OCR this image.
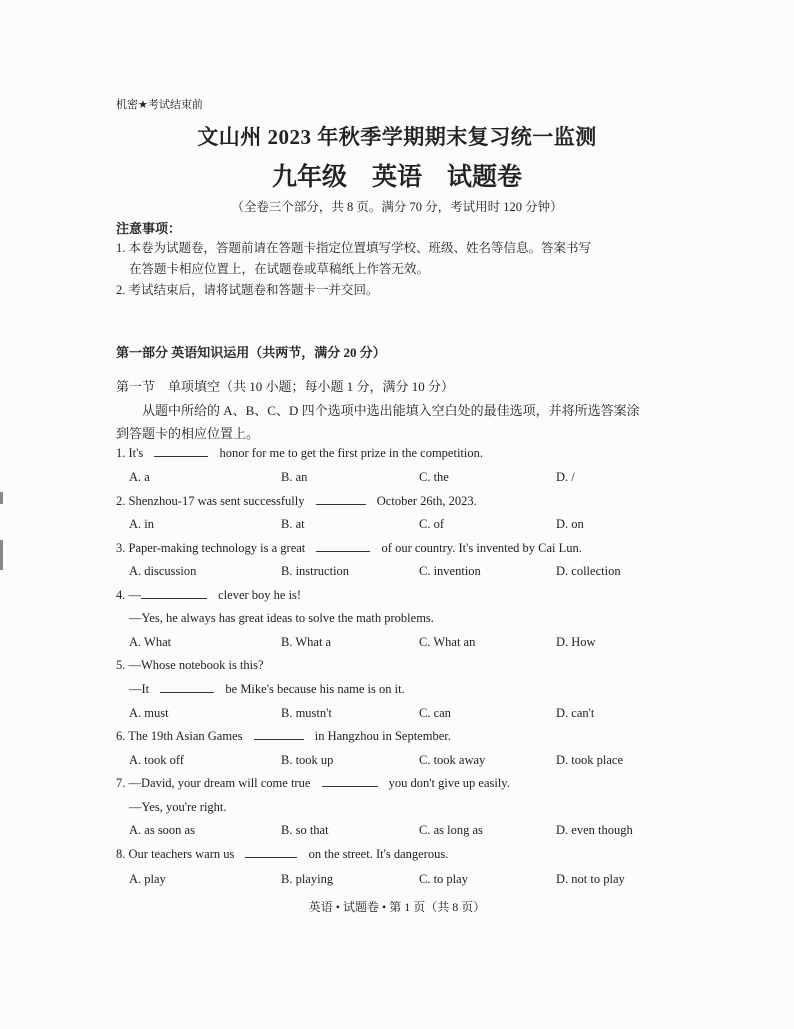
机密★考试结束前
文山州 2023 年秋季学期期末复习统一监测
九年级　英语　试题卷
（全卷三个部分，共 8 页。满分 70 分，考试用时 120 分钟）
注意事项：
1. 本卷为试题卷，答题前请在答题卡指定位置填写学校、班级、姓名等信息。答案书写
在答题卡相应位置上，在试题卷或草稿纸上作答无效。
2. 考试结束后，请将试题卷和答题卡一并交回。
第一部分 英语知识运用（共两节，满分 20 分）
第一节　单项填空（共 10 小题；每小题 1 分，满分 10 分）
从题中所给的 A、B、C、D 四个选项中选出能填入空白处的最佳选项，并将所选答案涂
到答题卡的相应位置上。
1. It's	honor for me to get the first prize in the competition.
A. a	B. an	C. the	D. /
2. Shenzhou-17 was sent successfully	October 26th, 2023.
A. in	B. at	C. of	D. on
3. Paper-making technology is a great	of our country. It's invented by Cai Lun.
A. discussion	B. instruction	C. invention	D. collection
4. —	clever boy he is!
—Yes, he always has great ideas to solve the math problems.
A. What	B. What a	C. What an	D. How
5. —Whose notebook is this?
—It	be Mike's because his name is on it.
A. must	B. mustn't	C. can	D. can't
6. The 19th Asian Games	in Hangzhou in September.
A. took off	B. took up	C. took away	D. took place
7. —David, your dream will come true	you don't give up easily.
—Yes, you're right.
A. as soon as	B. so that	C. as long as	D. even though
8. Our teachers warn us	on the street. It's dangerous.
A. play	B. playing	C. to play	D. not to play
英语 • 试题卷 • 第 1 页（共 8 页）
